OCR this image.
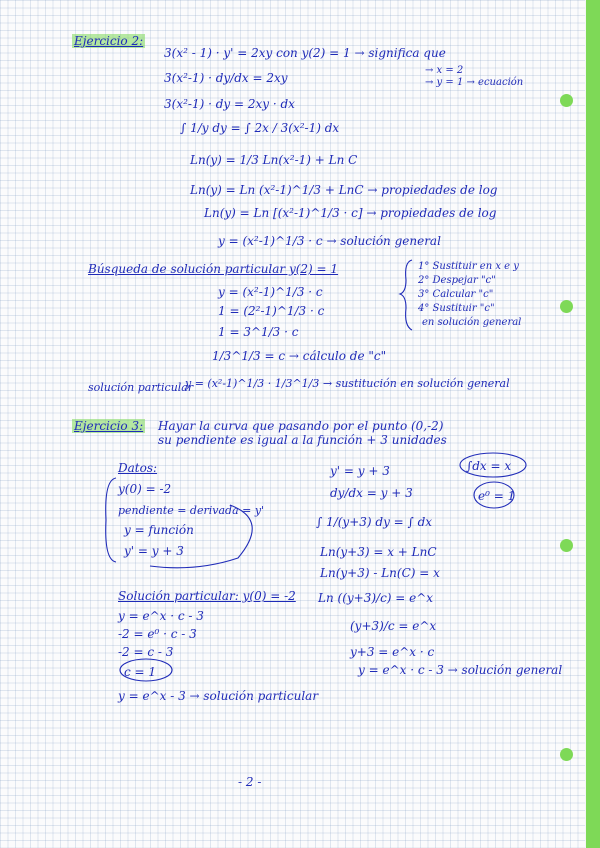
Ejercicio 2:
3(x² - 1) · y' = 2xy con y(2) = 1 → significa que
→ x = 2
→ y = 1 → ecuación
3(x²-1) · dy/dx = 2xy
3(x²-1) · dy = 2xy · dx
∫ 1/y dy = ∫ 2x / 3(x²-1) dx
Ln(y) = 1/3 Ln(x²-1) + Ln C
Ln(y) = Ln (x²-1)^1/3 + LnC → propiedades de log
Ln(y) = Ln [(x²-1)^1/3 · c] → propiedades de log
y = (x²-1)^1/3 · c → solución general
Búsqueda de solución particular y(2) = 1
y = (x²-1)^1/3 · c
1 = (2²-1)^1/3 · c
1 = 3^1/3 · c
1/3^1/3 = c → cálculo de "c"
1° Sustituir en x e y
2° Despejar "c"
3° Calcular "c"
4° Sustituir "c"
en solución general
solución particular
y = (x²-1)^1/3 · 1/3^1/3 → sustitución en solución general
Ejercicio 3: Hayar la curva que pasando por el punto (0,-2)
su pendiente es igual a la función + 3 unidades
Datos:
y(0) = -2
pendiente = derivada = y'
y = función
y' = y + 3
y' = y + 3
dy/dx = y + 3
∫ 1/(y+3) dy = ∫ dx
Ln(y+3) = x + LnC
Ln(y+3) - Ln(C) = x
Ln ((y+3)/c) = e^x
(y+3)/c = e^x
y+3 = e^x · c
y = e^x · c - 3 → solución general
∫dx = x
e⁰ = 1
Solución particular: y(0) = -2
y = e^x · c - 3
-2 = e⁰ · c - 3
-2 = c - 3
c = 1
y = e^x - 3 → solución particular
- 2 -
